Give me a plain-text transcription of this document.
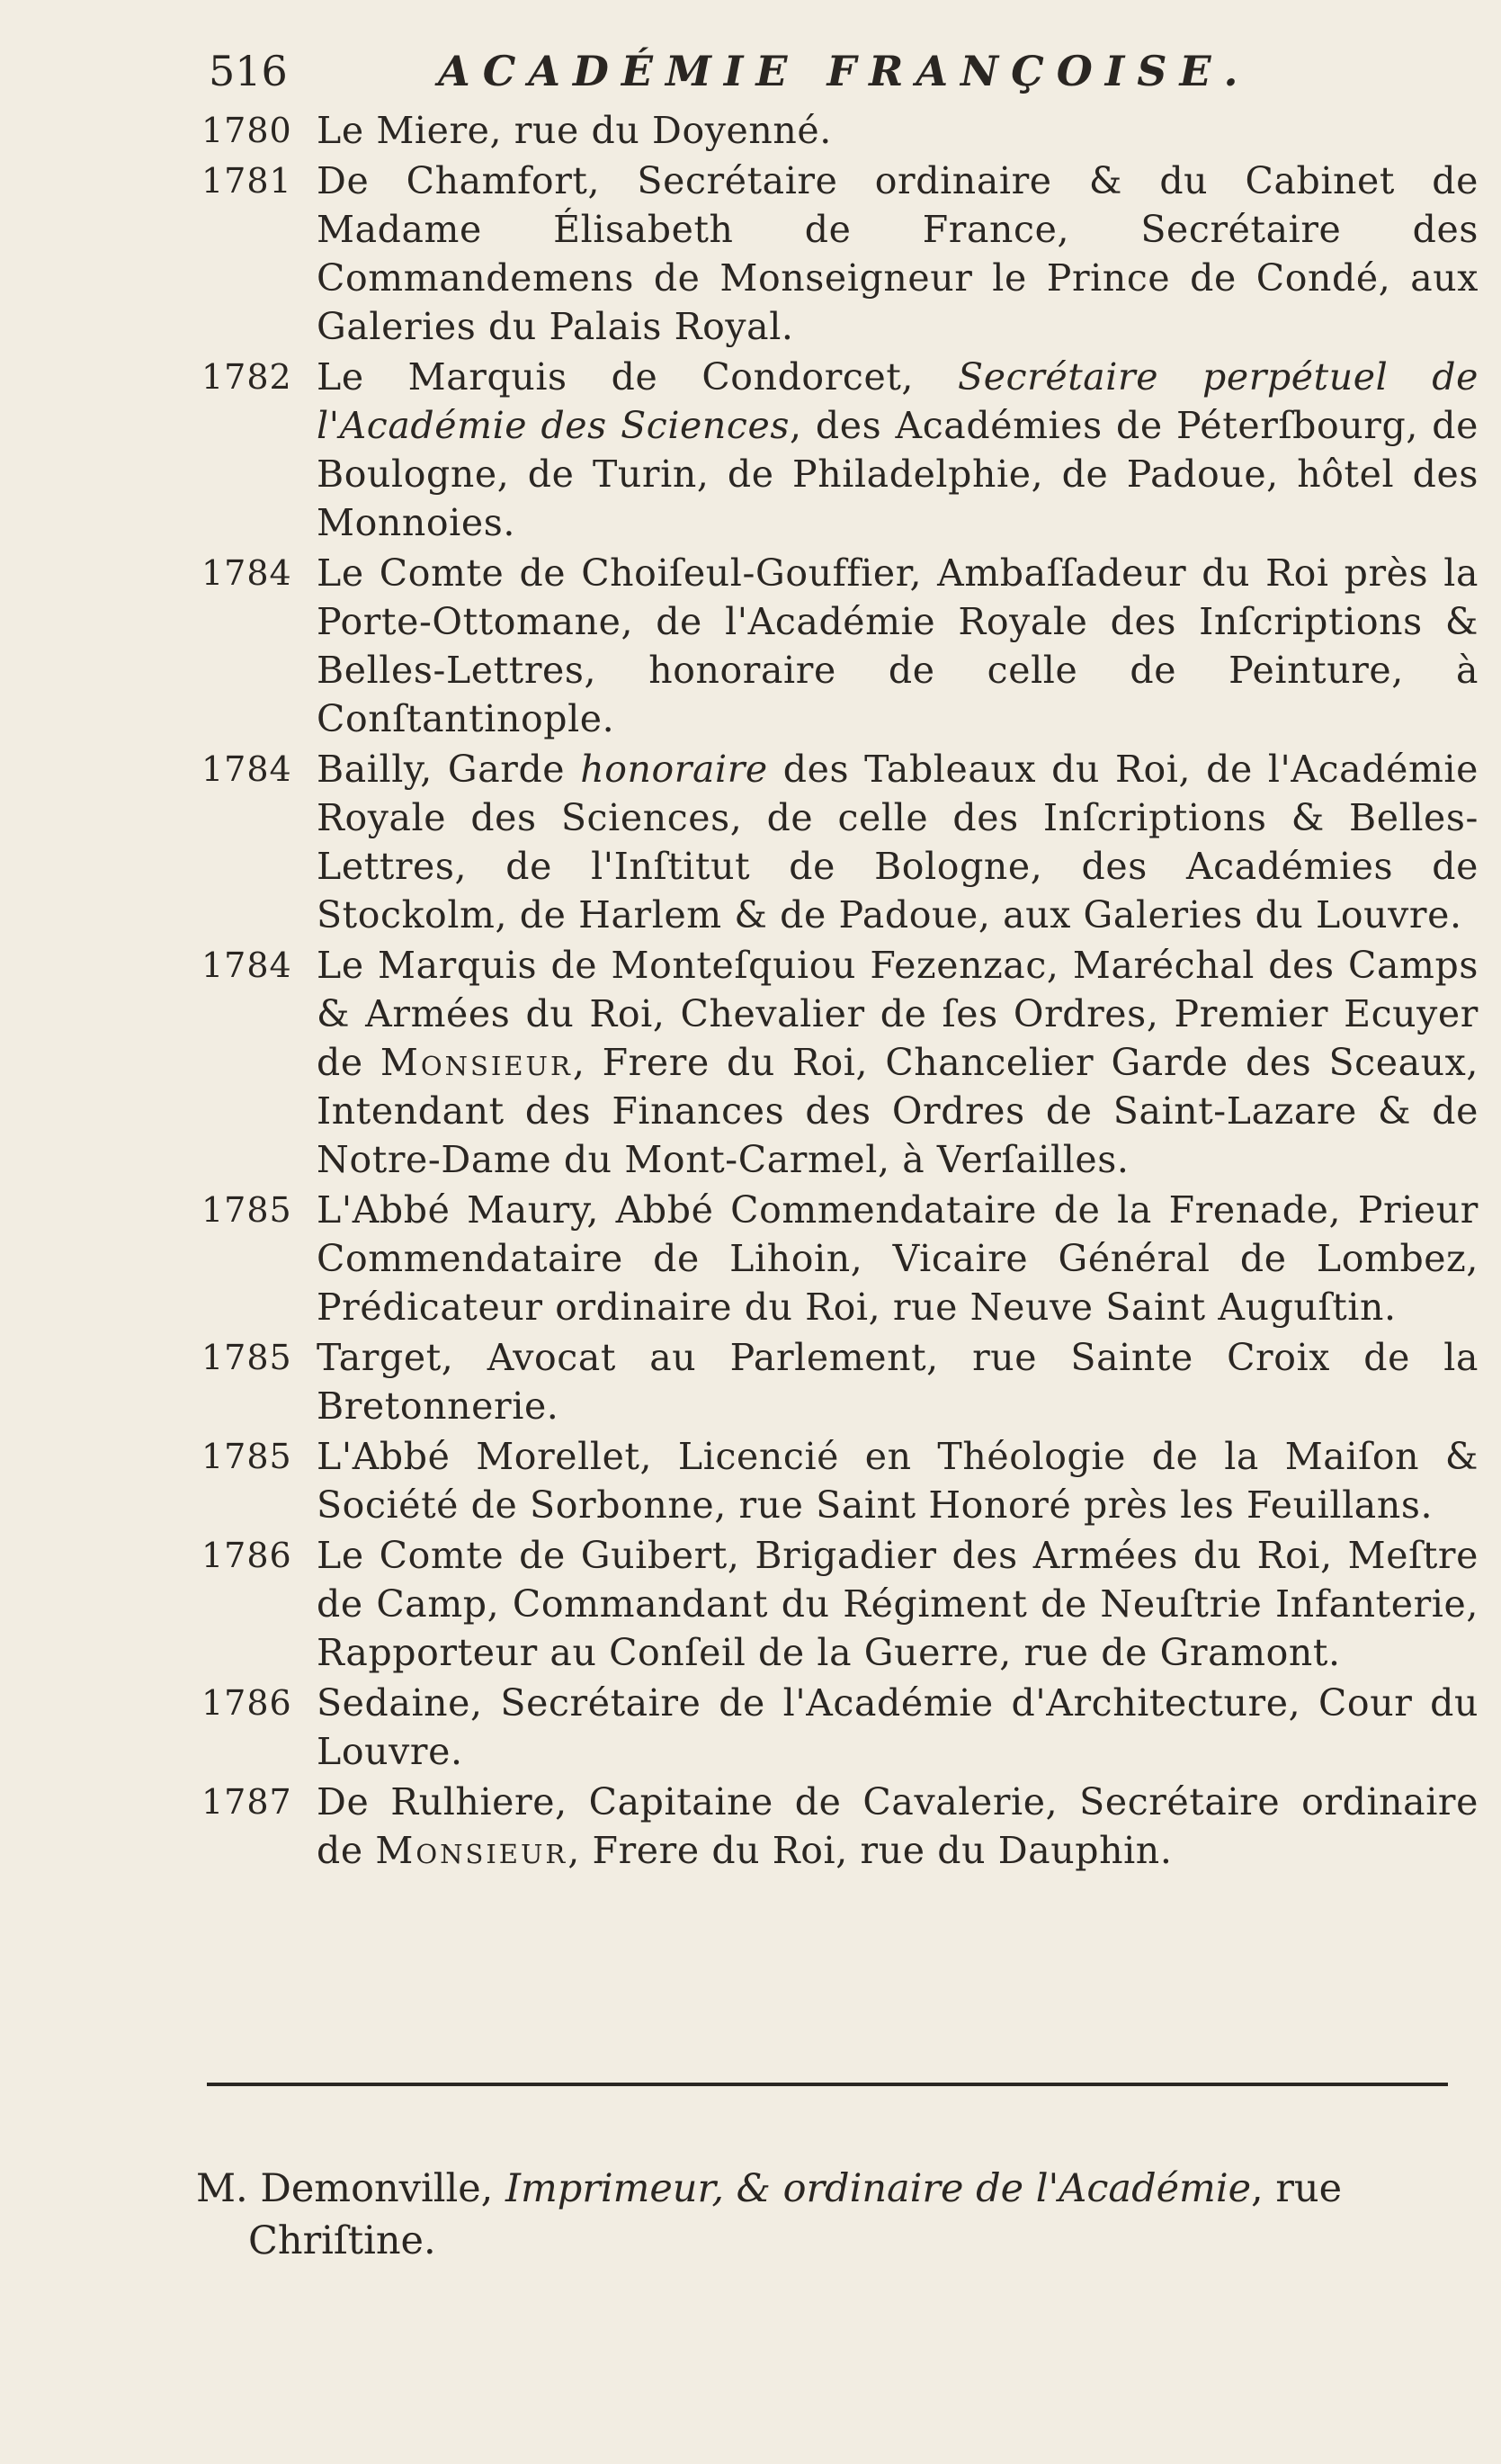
516	ACADÉMIE FRANÇOISE.
1780 Le Miere, rue du Doyenné.
1781 De Chamfort, Secrétaire ordinaire & du Cabinet de Madame Élisabeth de France, Secrétaire des Commandemens de Monseigneur le Prince de Condé, aux Galeries du Palais Royal.
1782 Le Marquis de Condorcet, Secrétaire perpétuel de l'Académie des Sciences, des Académies de Péterſbourg, de Boulogne, de Turin, de Philadelphie, de Padoue, hôtel des Monnoies.
1784 Le Comte de Choiſeul-Gouffier, Ambaſſadeur du Roi près la Porte-Ottomane, de l'Académie Royale des Inſcriptions & Belles-Lettres, honoraire de celle de Peinture, à Conſtantinople.
1784 Bailly, Garde honoraire des Tableaux du Roi, de l'Académie Royale des Sciences, de celle des Inſcriptions & Belles-Lettres, de l'Inſtitut de Bologne, des Académies de Stockolm, de Harlem & de Padoue, aux Galeries du Louvre.
1784 Le Marquis de Monteſquiou Fezenzac, Maréchal des Camps & Armées du Roi, Chevalier de ſes Ordres, Premier Ecuyer de Monsieur, Frere du Roi, Chancelier Garde des Sceaux, Intendant des Finances des Ordres de Saint-Lazare & de Notre-Dame du Mont-Carmel, à Verſailles.
1785 L'Abbé Maury, Abbé Commendataire de la Frenade, Prieur Commendataire de Lihoin, Vicaire Général de Lombez, Prédicateur ordinaire du Roi, rue Neuve Saint Auguſtin.
1785 Target, Avocat au Parlement, rue Sainte Croix de la Bretonnerie.
1785 L'Abbé Morellet, Licencié en Théologie de la Maiſon & Société de Sorbonne, rue Saint Honoré près les Feuillans.
1786 Le Comte de Guibert, Brigadier des Armées du Roi, Meſtre de Camp, Commandant du Régiment de Neuſtrie Infanterie, Rapporteur au Conſeil de la Guerre, rue de Gramont.
1786 Sedaine, Secrétaire de l'Académie d'Architecture, Cour du Louvre.
1787 De Rulhiere, Capitaine de Cavalerie, Secrétaire ordinaire de Monsieur, Frere du Roi, rue du Dauphin.
M. Demonville, Imprimeur, & ordinaire de l'Académie, rue
Chriſtine.
